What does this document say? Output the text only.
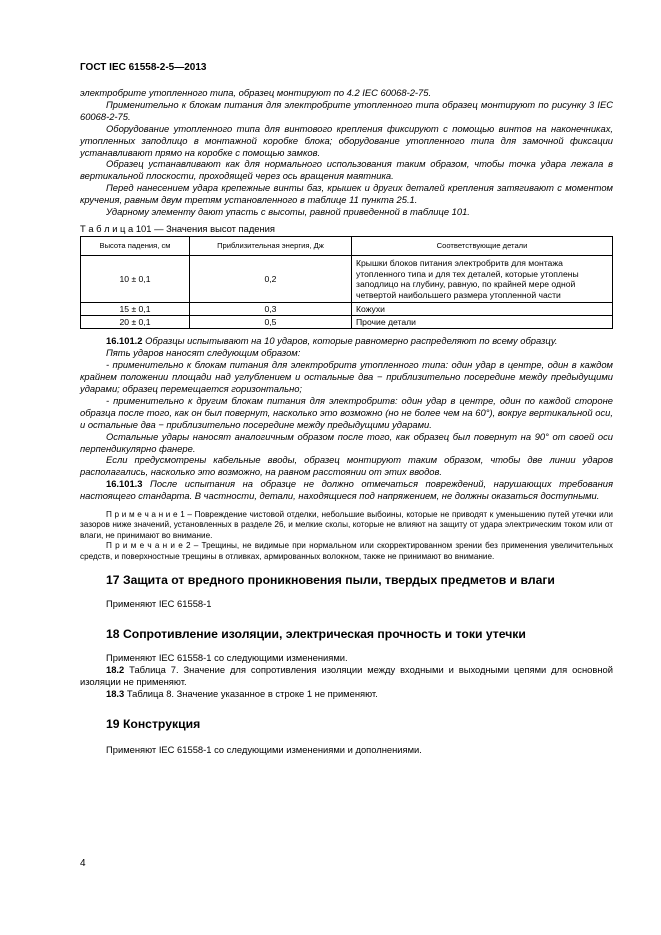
ГОСТ IEC 61558-2-5—2013

электробрите утопленного типа, образец монтируют по 4.2 IEC 60068-2-75.

Применительно к блокам питания для электробрите утопленного типа образец монтируют по рисунку 3 IEC 60068-2-75.

Оборудование утопленного типа для винтового крепления фиксируют с помощью винтов на наконечниках, утопленных заподлицо в монтажной коробке блока; оборудование утопленного типа для замочной фиксации устанавливают прямо на коробке с помощью замков.

Образец устанавливают как для нормального использования таким образом, чтобы точка удара лежала в вертикальной плоскости, проходящей через ось вращения маятника.

Перед нанесением удара крепежные винты баз, крышек и других деталей крепления затягивают с моментом кручения, равным двум третям установленного в таблице 11 пункта 25.1.

Ударному элементу дают упасть с высоты, равной приведенной в таблице 101.

Т а б л и ц а 101 — Значения высот падения
Высота падения, см	Приблизительная энергия, Дж	Соответствующие детали
10 ± 0,1	0,2	Крышки блоков питания электробритв для монтажа утопленного типа и для тех деталей, которые утоплены заподлицо на глубину, равную, по крайней мере одной четвертой наибольшего размера утопленной части
15 ± 0,1	0,3	Кожухи
20 ± 0,1	0,5	Прочие детали

16.101.2 Образцы испытывают на 10 ударов, которые равномерно распределяют по всему образцу.

Пять ударов наносят следующим образом:

- применительно к блокам питания для электробритв утопленного типа: один удар в центре, один в каждом крайнем положении площади над углублением и остальные два − приблизительно посередине между предыдущими ударами; образец перемещается горизонтально;

- применительно к другим блокам питания для электробритв: один удар в центре, один по каждой стороне образца после того, как он был повернут, насколько это возможно (но не более чем на 60°), вокруг вертикальной оси, и остальные два − приблизительно посередине между предыдущими ударами.

Остальные удары наносят аналогичным образом после того, как образец был повернут на 90° от своей оси перпендикулярно фанере.

Если предусмотрены кабельные вводы, образец монтируют таким образом, чтобы две линии ударов располагались, насколько это возможно, на равном расстоянии от этих вводов.

16.101.3 После испытания на образце не должно отмечаться повреждений, нарушающих требования настоящего стандарта. В частности, детали, находящиеся под напряжением, не должны оказаться доступными.

П р и м е ч а н и е 1 – Повреждение чистовой отделки, небольшие выбоины, которые не приводят к уменьшению путей утечки или зазоров ниже значений, установленных в разделе 26, и мелкие сколы, которые не влияют на защиту от удара электрическим током или от влаги, не принимают во внимание.

П р и м е ч а н и е 2 – Трещины, не видимые при нормальном или скорректированном зрении без применения увеличительных средств, и поверхностные трещины в отливках, армированных волокном, также не принимают во внимание.

17 Защита от вредного проникновения пыли, твердых предметов и влаги

Применяют IEC 61558-1

18 Сопротивление изоляции, электрическая прочность и токи утечки

Применяют IEC 61558-1 со следующими изменениями.

18.2 Таблица 7. Значение для сопротивления изоляции между входными и выходными цепями для основной изоляции не применяют.

18.3 Таблица 8. Значение указанное в строке 1 не применяют.

19 Конструкция

Применяют IEC 61558-1 со следующими изменениями и дополнениями.

4
